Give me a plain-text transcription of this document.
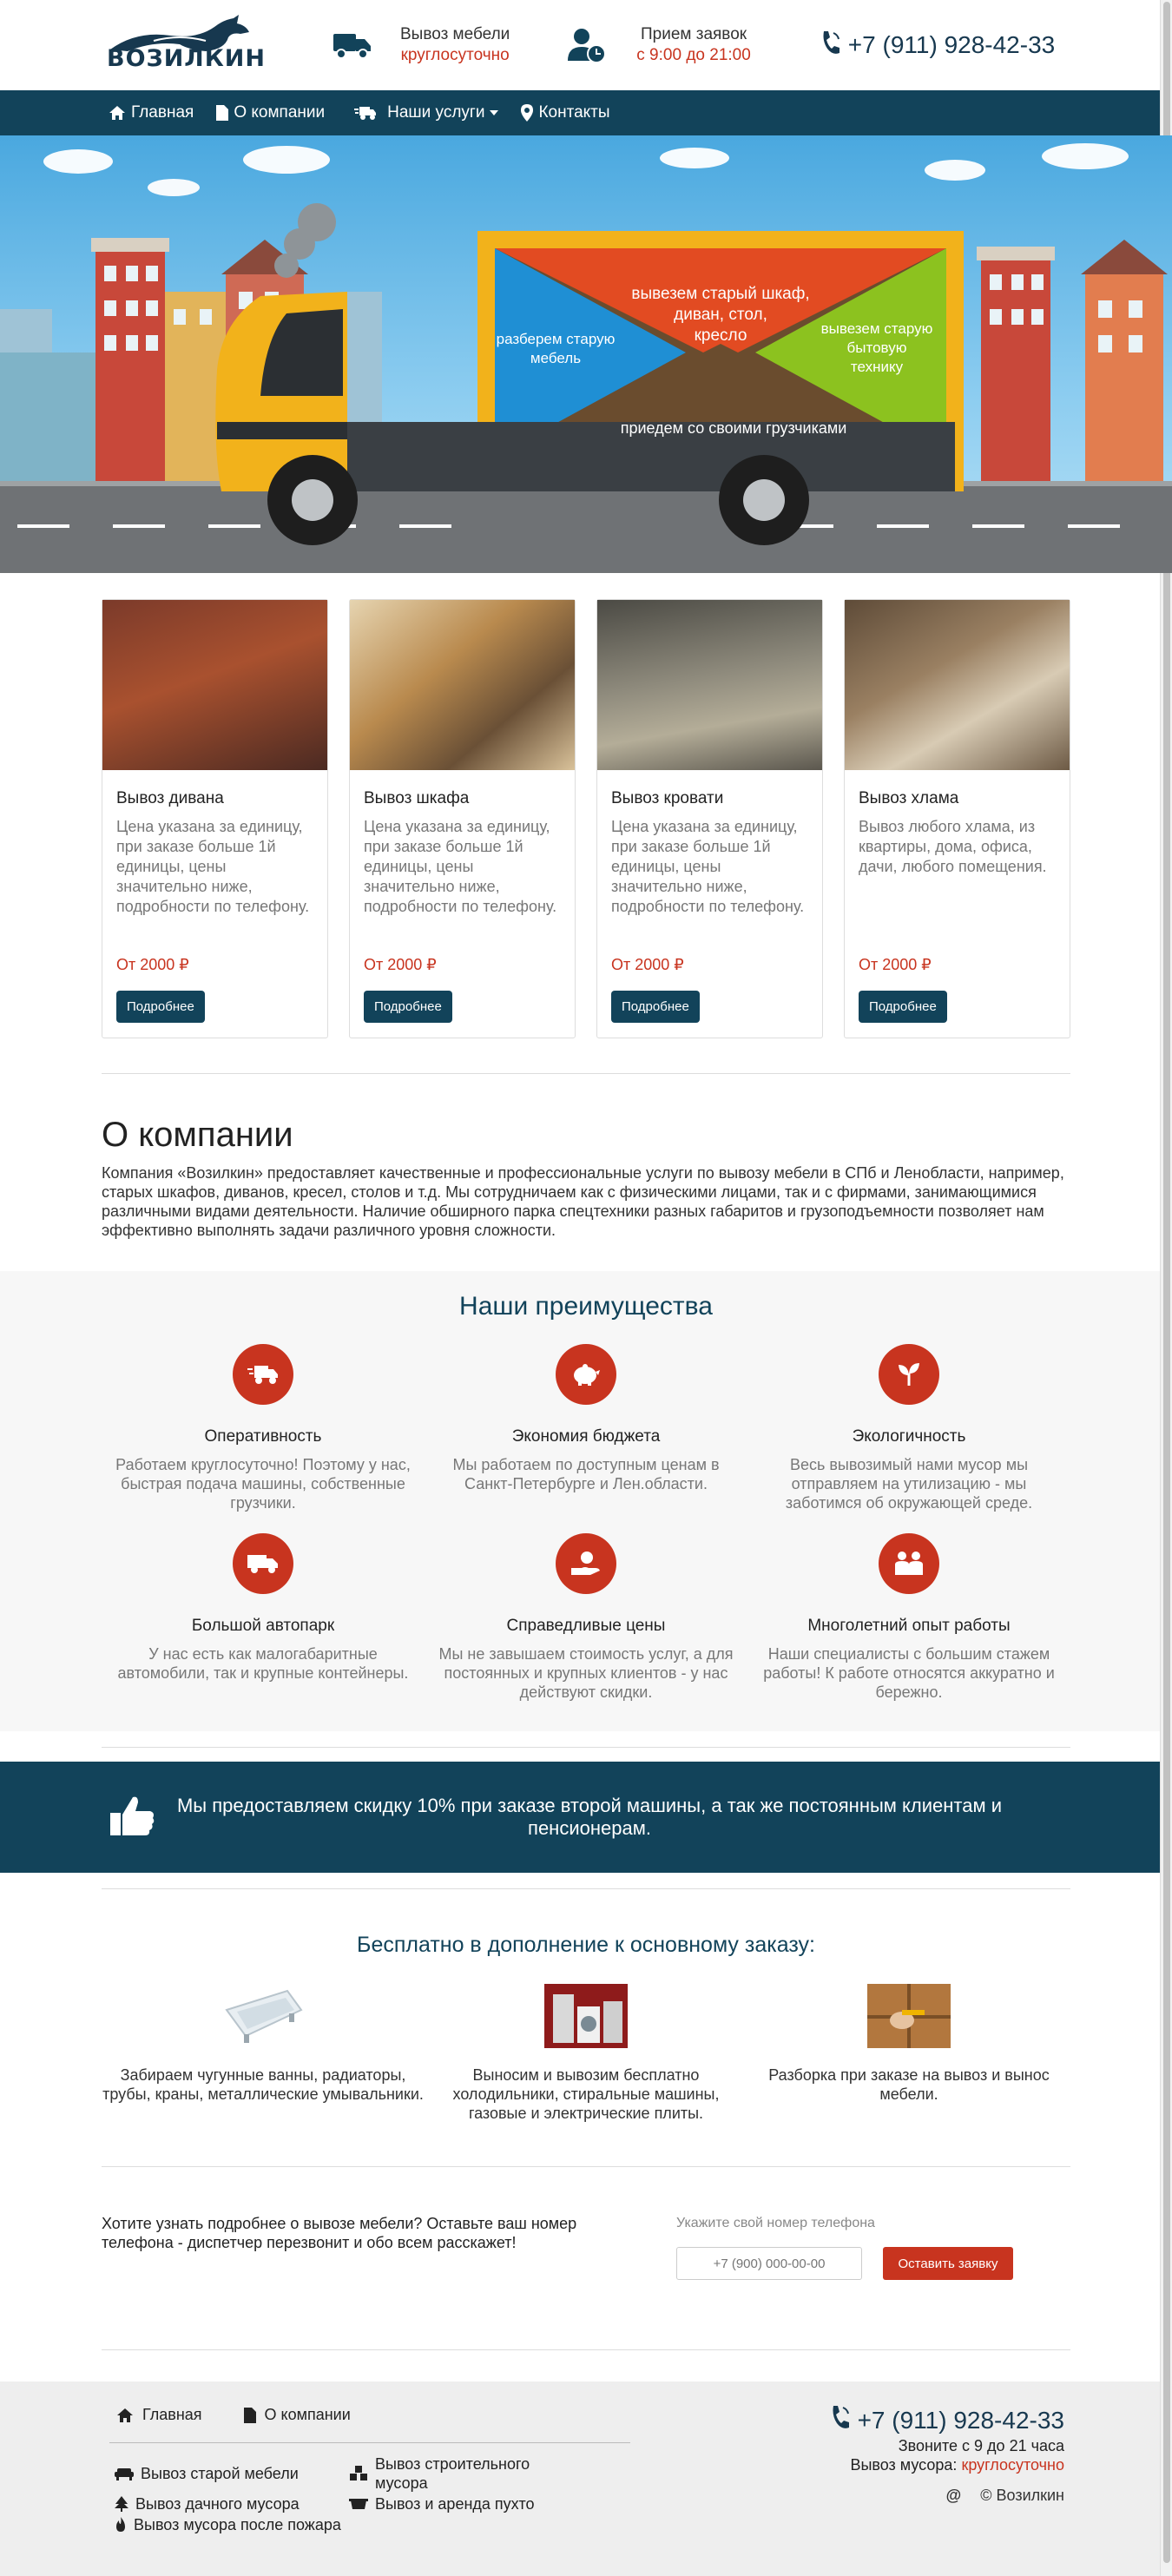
ВОЗИЛКИН
Вывоз мебели
круглосуточно
Прием заявок
с 9:00 до 21:00	+7 (911) 928-42-33
Главная О компании	Наши услуги	Контакты
вывезем старый шкаф, диван, стол, кресло
разберем старую мебель
вывезем старую бытовую технику
приедем со своими грузчиками
Вывоз дивана

Цена указана за единицу, при заказе больше 1й единицы, цены значительно ниже, подробности по телефону.

От 2000 ₽
Подробнее
Вывоз шкафа

Цена указана за единицу, при заказе больше 1й единицы, цены значительно ниже, подробности по телефону.

От 2000 ₽
Подробнее
Вывоз кровати

Цена указана за единицу, при заказе больше 1й единицы, цены значительно ниже, подробности по телефону.

От 2000 ₽
Подробнее
Вывоз хлама

Вывоз любого хлама, из квартиры, дома, офиса, дачи, любого помещения.

От 2000 ₽
Подробнее
О компании

Компания «Возилкин» предоставляет качественные и профессиональные услуги по вывозу мебели в СПб и Ленобласти, например, старых шкафов, диванов, кресел, столов и т.д. Мы сотрудничаем как с физическими лицами, так и с фирмами, занимающимися различными видами деятельности. Наличие обширного парка спецтехники разных габаритов и грузоподъемности позволяет нам эффективно выполнять задачи различного уровня сложности.

Наши преимущества
Оперативность

Работаем круглосуточно! Поэтому у нас, быстрая подача машины, собственные грузчики.

Экономия бюджета

Мы работаем по доступным ценам в Санкт-Петербурге и Лен.области.

Экологичность

Весь вывозимый нами мусор мы отправляем на утилизацию - мы заботимся об окружающей среде.

Большой автопарк

У нас есть как малогабаритные автомобили, так и крупные контейнеры.

Справедливые цены

Мы не завышаем стоимость услуг, а для постоянных и крупных клиентов - у нас действуют скидки.

Многолетний опыт работы

Наши специалисты с большим стажем работы! К работе относятся аккуратно и бережно.

Мы предоставляем скидку 10% при заказе второй машины, а так же постоянным клиентам и пенсионерам.

Бесплатно в дополнение к основному заказу:

Забираем чугунные ванны, радиаторы, трубы, краны, металлические умывальники.

Выносим и вывозим бесплатно холодильники, стиральные машины, газовые и электрические плиты.

Разборка при заказе на вывоз и вынос мебели.

Хотите узнать подробнее о вывозе мебели? Оставьте ваш номер телефона - диспетчер перезвонит и обо всем расскажет!
Укажите свой номер телефона
+7 (900) 000-00-00
Оставить заявку
Главная	О компании
Вывоз старой мебели
Вывоз строительного мусора
Вывоз дачного мусора	Вывоз и аренда пухто
Вывоз мусора после пожара
+7 (911) 928-42-33
Звоните с 9 до 21 часа
Вывоз мусора: круглосуточно
@ © Возилкин
